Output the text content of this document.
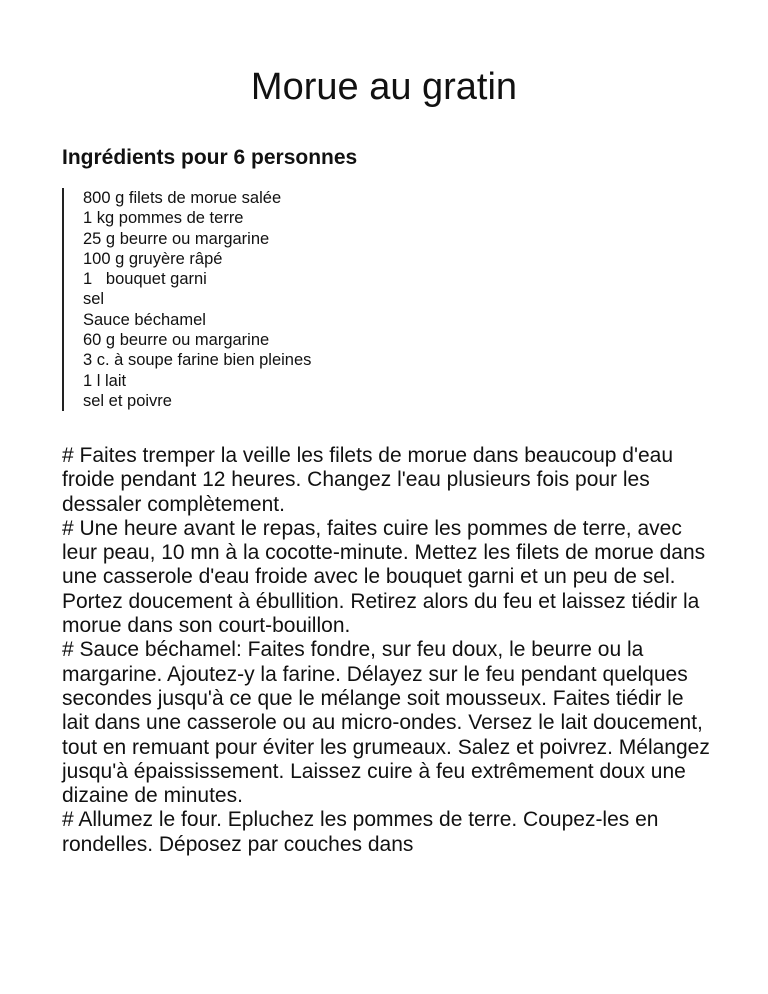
Morue au gratin
Ingrédients pour 6 personnes
800 g filets de morue salée
1 kg pommes de terre
25 g beurre ou margarine
100 g gruyère râpé
1   bouquet garni
sel
Sauce béchamel
60 g beurre ou margarine
3 c. à soupe farine bien pleines
1 l lait
sel et poivre

# Faites tremper la veille les filets de morue dans beaucoup d'eau froide pendant 12 heures. Changez l'eau plusieurs fois pour les dessaler complètement.

# Une heure avant le repas, faites cuire les pommes de terre, avec leur peau, 10 mn à la cocotte-minute. Mettez les filets de morue dans une casserole d'eau froide avec le bouquet garni et un peu de sel. Portez doucement à ébullition. Retirez alors du feu et laissez tiédir la morue dans son court-bouillon.

# Sauce béchamel: Faites fondre, sur feu doux, le beurre ou la margarine. Ajoutez-y la farine. Délayez sur le feu pendant quelques secondes jusqu'à ce que le mélange soit mousseux. Faites tiédir le lait dans une casserole ou au micro-ondes. Versez le lait doucement, tout en remuant pour éviter les grumeaux. Salez et poivrez. Mélangez jusqu'à épaississement. Laissez cuire à feu extrêmement doux une dizaine de minutes.

# Allumez le four. Epluchez les pommes de terre. Coupez-les en rondelles. Déposez par couches dans
